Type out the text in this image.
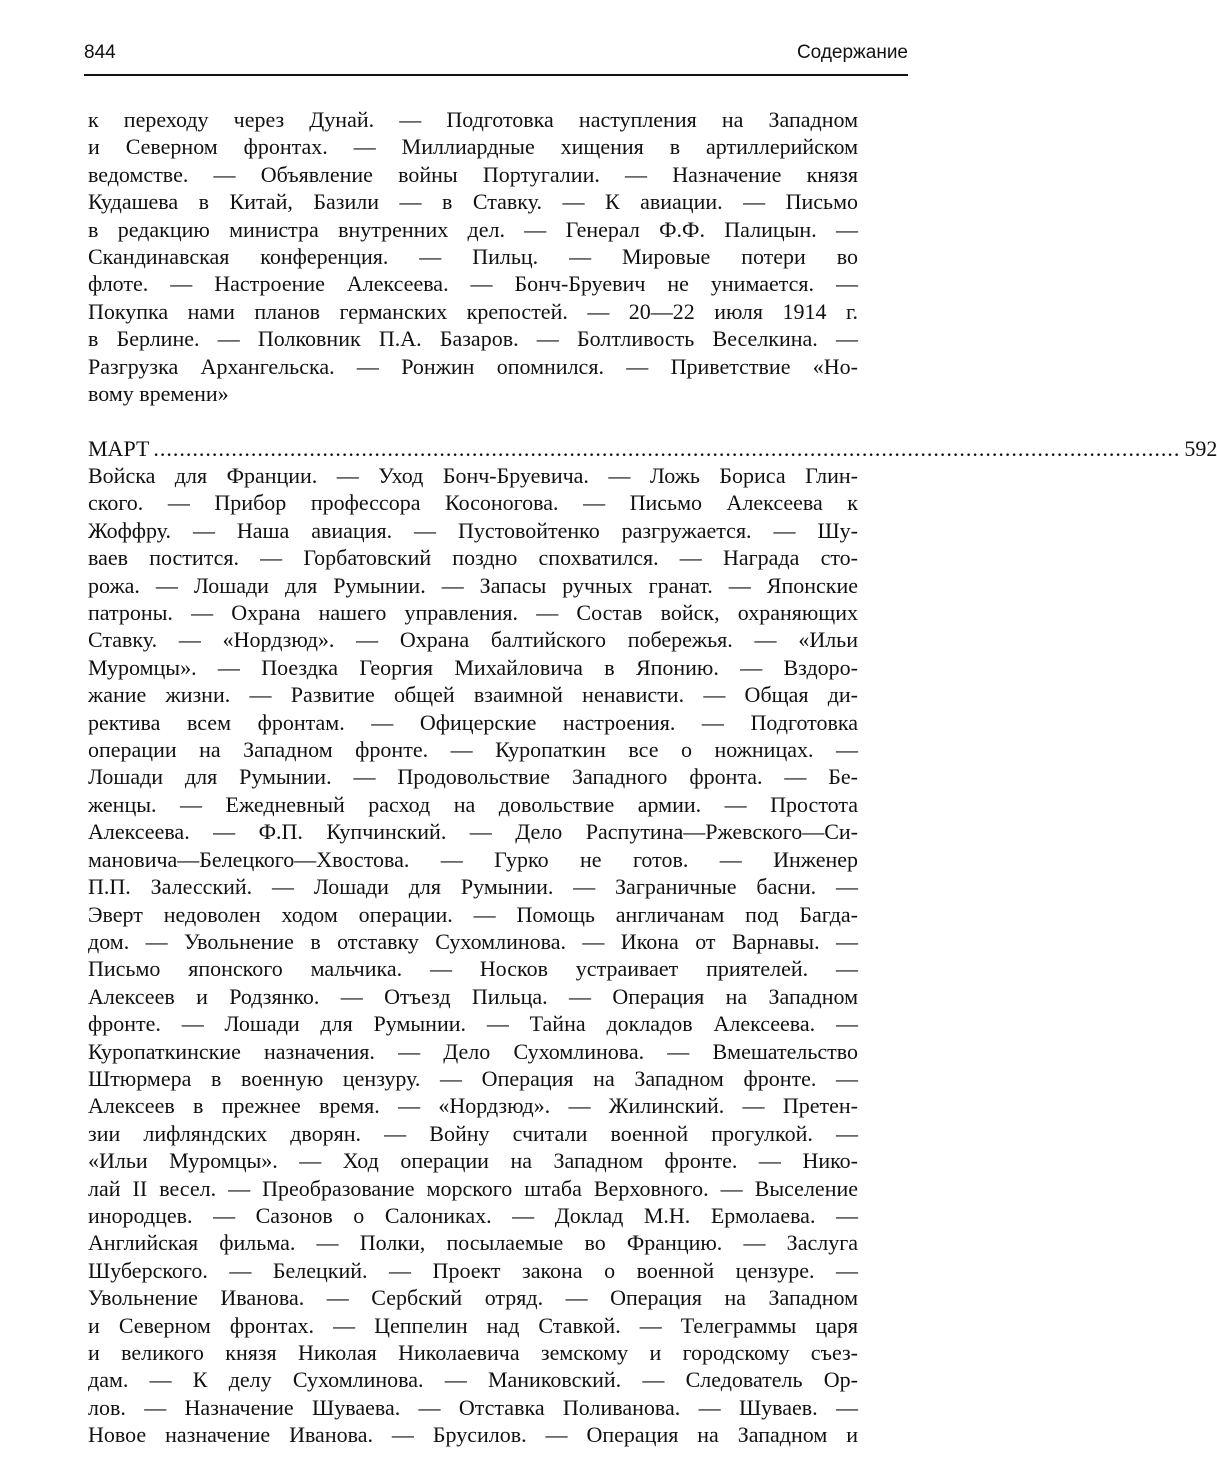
844	Содержание
к переходу через Дунай. — Подготовка наступления на Западном
и Северном фронтах. — Миллиардные хищения в артиллерийском
ведомстве. — Объявление войны Португалии. — Назначение князя
Кудашева в Китай, Базили — в Ставку. — К авиации. — Письмо
в редакцию министра внутренних дел. — Генерал Ф.Ф. Палицын. —
Скандинавская конференция. — Пильц. — Мировые потери во
флоте. — Настроение Алексеева. — Бонч-Бруевич не унимается. —
Покупка нами планов германских крепостей. — 20—22 июля 1914 г.
в Берлине. — Полковник П.А. Базаров. — Болтливость Веселкина. —
Разгрузка Архангельска. — Ронжин опомнился. — Приветствие «Но-
вому времени»
МАРТ .............................................................................................................................................................. 592
Войска для Франции. — Уход Бонч-Бруевича. — Ложь Бориса Глин-
ского. — Прибор профессора Косоногова. — Письмо Алексеева к
Жоффру. — Наша авиация. — Пустовойтенко разгружается. — Шу-
ваев постится. — Горбатовский поздно спохватился. — Награда сто-
рожа. — Лошади для Румынии. — Запасы ручных гранат. — Японские
патроны. — Охрана нашего управления. — Состав войск, охраняющих
Ставку. — «Нордзюд». — Охрана балтийского побережья. — «Ильи
Муромцы». — Поездка Георгия Михайловича в Японию. — Вздоро-
жание жизни. — Развитие общей взаимной ненависти. — Общая ди-
ректива всем фронтам. — Офицерские настроения. — Подготовка
операции на Западном фронте. — Куропаткин все о ножницах. —
Лошади для Румынии. — Продовольствие Западного фронта. — Бе-
женцы. — Ежедневный расход на довольствие армии. — Простота
Алексеева. — Ф.П. Купчинский. — Дело Распутина—Ржевского—Си-
мановича—Белецкого—Хвостова. — Гурко не готов. — Инженер
П.П. Залесский. — Лошади для Румынии. — Заграничные басни. —
Эверт недоволен ходом операции. — Помощь англичанам под Багда-
дом. — Увольнение в отставку Сухомлинова. — Икона от Варнавы. —
Письмо японского мальчика. — Носков устраивает приятелей. —
Алексеев и Родзянко. — Отъезд Пильца. — Операция на Западном
фронте. — Лошади для Румынии. — Тайна докладов Алексеева. —
Куропаткинские назначения. — Дело Сухомлинова. — Вмешательство
Штюрмера в военную цензуру. — Операция на Западном фронте. —
Алексеев в прежнее время. — «Нордзюд». — Жилинский. — Претен-
зии лифляндских дворян. — Войну считали военной прогулкой. —
«Ильи Муромцы». — Ход операции на Западном фронте. — Нико-
лай II весел. — Преобразование морского штаба Верховного. — Выселение
инородцев. — Сазонов о Салониках. — Доклад М.Н. Ермолаева. —
Английская фильма. — Полки, посылаемые во Францию. — Заслуга
Шуберского. — Белецкий. — Проект закона о военной цензуре. —
Увольнение Иванова. — Сербский отряд. — Операция на Западном
и Северном фронтах. — Цеппелин над Ставкой. — Телеграммы царя
и великого князя Николая Николаевича земскому и городскому съез-
дам. — К делу Сухомлинова. — Маниковский. — Следователь Ор-
лов. — Назначение Шуваева. — Отставка Поливанова. — Шуваев. —
Новое назначение Иванова. — Брусилов. — Операция на Западном и
